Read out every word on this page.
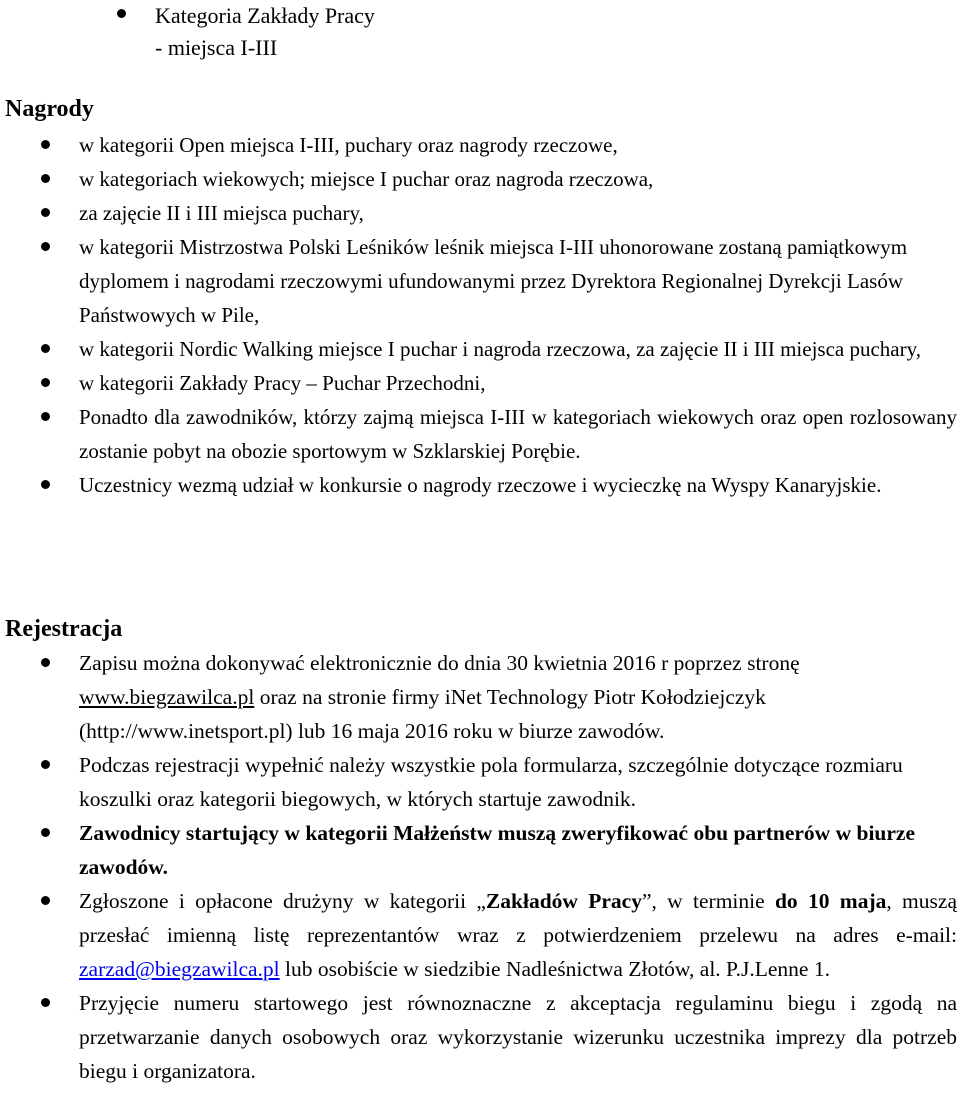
Kategoria Zakłady Pracy
- miejsca I-III
Nagrody
w kategorii Open miejsca I-III, puchary oraz nagrody rzeczowe,
w kategoriach wiekowych; miejsce I puchar oraz nagroda rzeczowa,
za zajęcie II i III miejsca puchary,
w kategorii Mistrzostwa Polski Leśników leśnik miejsca I-III uhonorowane zostaną pamiątkowym dyplomem i nagrodami rzeczowymi ufundowanymi przez Dyrektora Regionalnej Dyrekcji Lasów Państwowych w Pile,
w kategorii Nordic Walking miejsce I puchar i nagroda rzeczowa, za zajęcie II i III miejsca puchary,
w kategorii Zakłady Pracy – Puchar Przechodni,
Ponadto dla zawodników, którzy zajmą miejsca I-III w kategoriach wiekowych oraz open rozlosowany zostanie pobyt na obozie sportowym w Szklarskiej Porębie.
Uczestnicy wezmą udział w konkursie o nagrody rzeczowe i wycieczkę na Wyspy Kanaryjskie.
Rejestracja
Zapisu można dokonywać elektronicznie do dnia 30 kwietnia 2016 r poprzez stronę www.biegzawilca.pl oraz na stronie firmy iNet Technology Piotr Kołodziejczyk (http://www.inetsport.pl) lub 16 maja 2016 roku w biurze zawodów.
Podczas rejestracji wypełnić należy wszystkie pola formularza, szczególnie dotyczące rozmiaru koszulki oraz kategorii biegowych, w których startuje zawodnik.
Zawodnicy startujący w kategorii Małżeństw muszą zweryfikować obu partnerów w biurze zawodów.
Zgłoszone i opłacone drużyny w kategorii „Zakładów Pracy”, w terminie do 10 maja, muszą przesłać imienną listę reprezentantów wraz z potwierdzeniem przelewu na adres e-mail: zarzad@biegzawilca.pl lub osobiście w siedzibie Nadleśnictwa Złotów, al. P.J.Lenne 1.
Przyjęcie numeru startowego jest równoznaczne z akceptacja regulaminu biegu i zgodą na przetwarzanie danych osobowych oraz wykorzystanie wizerunku uczestnika imprezy dla potrzeb biegu i organizatora.
